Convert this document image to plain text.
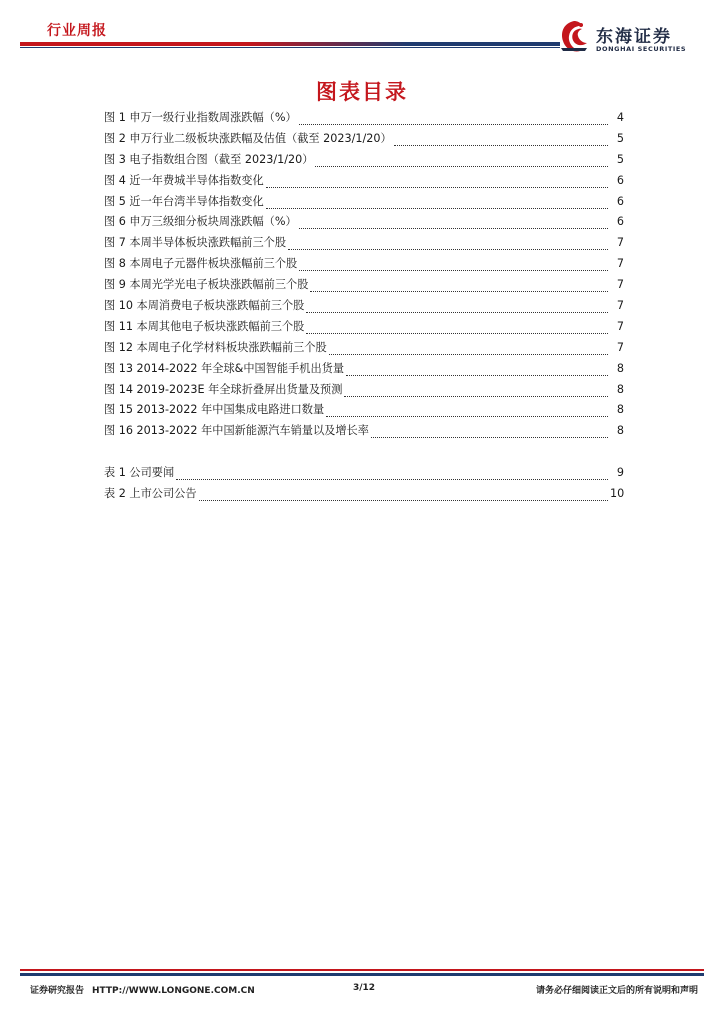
行业周报	东海证券
DONGHAI SECURITIES
图表目录
图 1 申万一级行业指数周涨跌幅（%）	4
图 2 申万行业二级板块涨跌幅及估值（截至 2023/1/20）	5
图 3 电子指数组合图（截至 2023/1/20）	5
图 4 近一年费城半导体指数变化	6
图 5 近一年台湾半导体指数变化	6
图 6 申万三级细分板块周涨跌幅（%）	6
图 7 本周半导体板块涨跌幅前三个股	7
图 8 本周电子元器件板块涨幅前三个股	7
图 9 本周光学光电子板块涨跌幅前三个股	7
图 10 本周消费电子板块涨跌幅前三个股	7
图 11 本周其他电子板块涨跌幅前三个股	7
图 12 本周电子化学材料板块涨跌幅前三个股	7
图 13 2014-2022 年全球&中国智能手机出货量	8
图 14 2019-2023E 年全球折叠屏出货量及预测	8
图 15 2013-2022 年中国集成电路进口数量	8
图 16 2013-2022 年中国新能源汽车销量以及增长率	8
表 1 公司要闻	9
表 2 上市公司公告	10
证券研究报告 HTTP://WWW.LONGONE.COM.CN	3/12	请务必仔细阅读正文后的所有说明和声明
